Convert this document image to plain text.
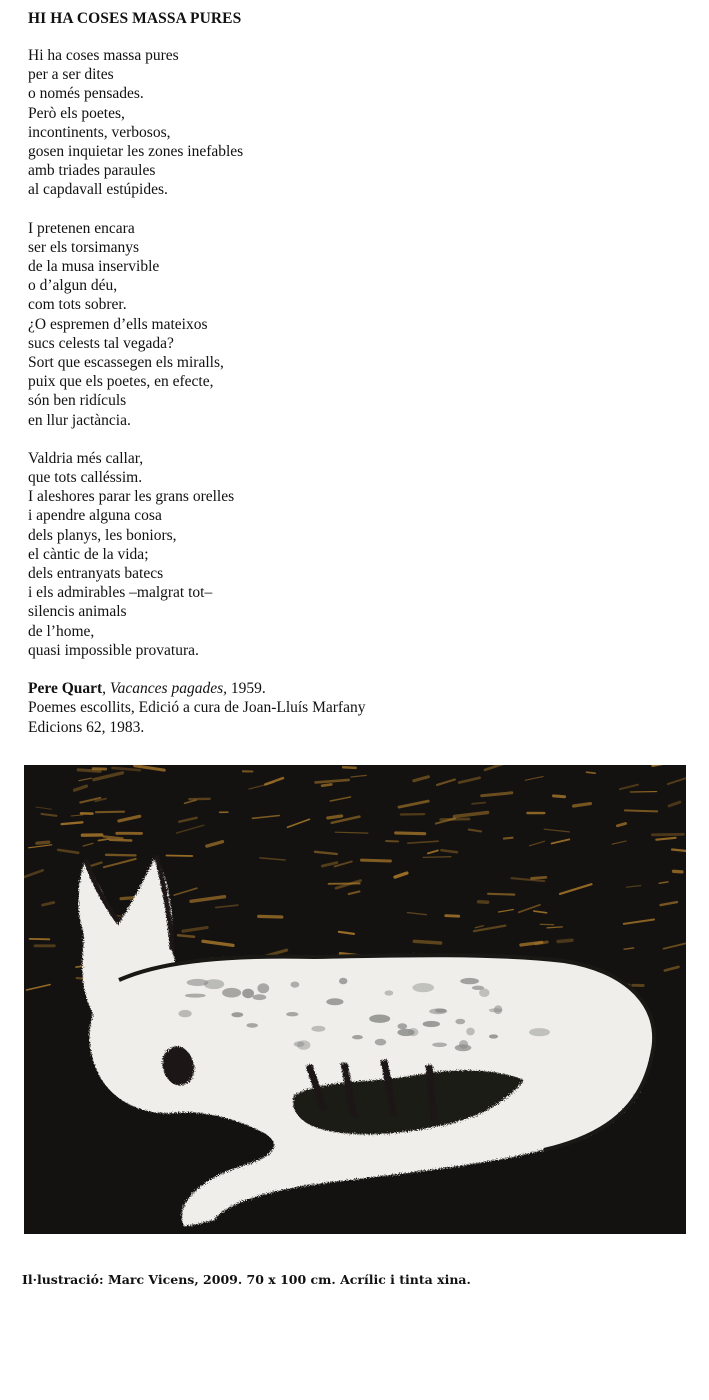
HI HA COSES MASSA PURES
Hi ha coses massa pures
per a ser dites
o només pensades.
Però els poetes,
incontinents, verbosos,
gosen inquietar les zones inefables
amb triades paraules
al capdavall estúpides.
I pretenen encara
ser els torsimanys
de la musa inservible
o d’algun déu,
com tots sobrer.
¿O espremen d’ells mateixos
sucs celests tal vegada?
Sort que escassegen els miralls,
puix que els poetes, en efecte,
són ben ridículs
en llur jactància.
Valdria més callar,
que tots calléssim.
I aleshores parar les grans orelles
i apendre alguna cosa
dels planys, les boniors,
el càntic de la vida;
dels entranyats batecs
i els admirables –malgrat tot–
silencis animals
de l’home,
quasi impossible provatura.
Pere Quart, Vacances pagades, 1959.
Poemes escollits, Edició a cura de Joan-Lluís Marfany
Edicions 62, 1983.
Il·lustració: Marc Vicens, 2009. 70 x 100 cm. Acrílic i tinta xina.
